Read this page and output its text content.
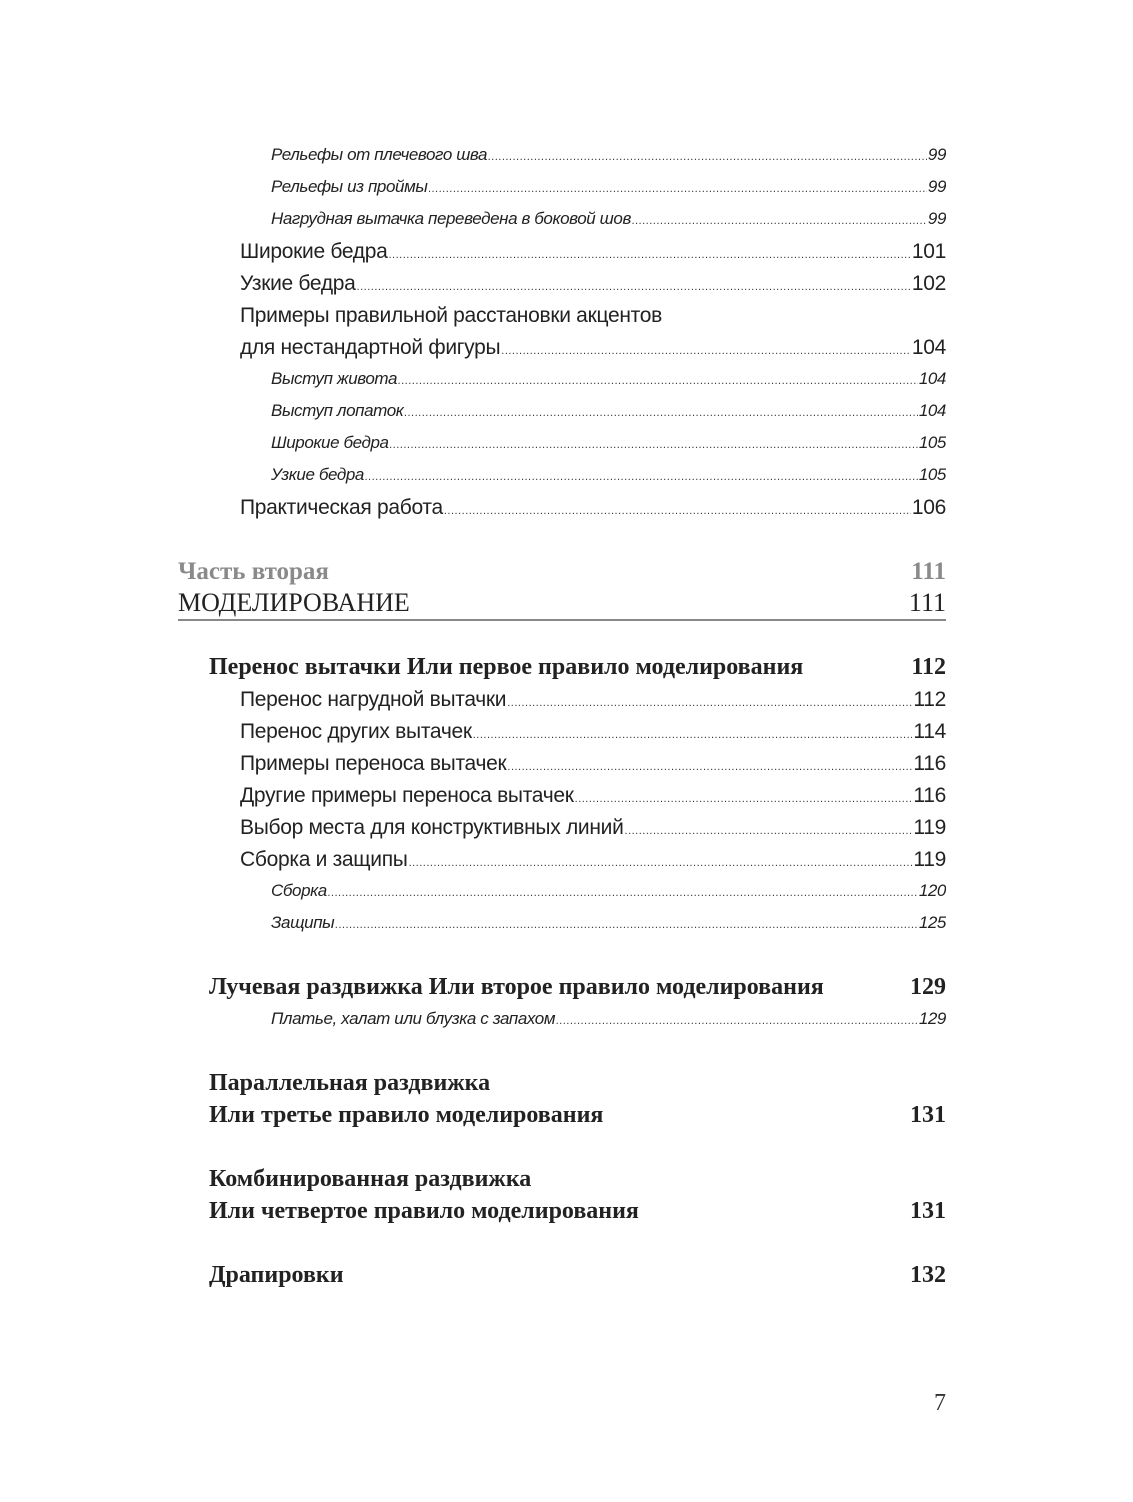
Рельефы от плечевого шва .....	99
Рельефы из проймы .....	99
Нагрудная вытачка переведена в боковой шов .....	99
Широкие бедра .....	101
Узкие бедра .....	102
Примеры правильной расстановки акцентов
для нестандартной фигуры .....	104
Выступ живота .....	104
Выступ лопаток .....	104
Широкие бедра .....	105
Узкие бедра .....	105
Практическая работа .....	106
Часть вторая	111
МОДЕЛИРОВАНИЕ	111
Перенос вытачки Или первое правило моделирования	112
Перенос нагрудной вытачки .....	112
Перенос других вытачек .....	114
Примеры переноса вытачек .....	116
Другие примеры переноса вытачек .....	116
Выбор места для конструктивных линий .....	119
Сборка и защипы .....	119
Сборка .....	120
Защипы .....	125
Лучевая раздвижка Или второе правило моделирования	129
Платье, халат или блузка с запахом .....	129
Параллельная раздвижка
Или третье правило моделирования	131
Комбинированная раздвижка
Или четвертое правило моделирования	131
Драпировки	132
7
